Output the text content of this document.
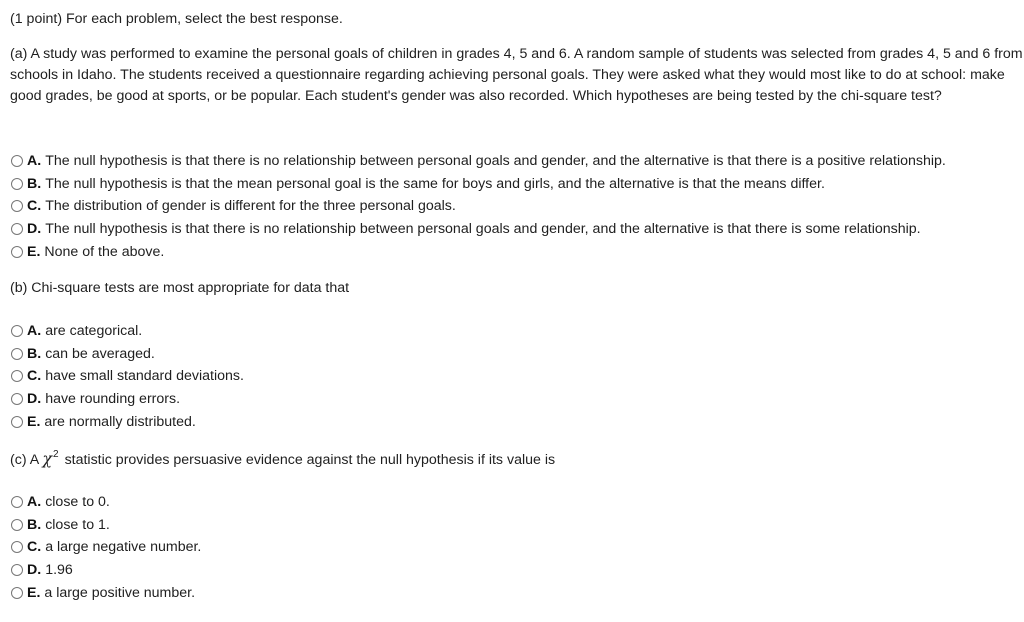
(1 point) For each problem, select the best response.
(a) A study was performed to examine the personal goals of children in grades 4, 5 and 6. A random sample of students was selected from grades 4, 5 and 6 from schools in Idaho. The students received a questionnaire regarding achieving personal goals. They were asked what they would most like to do at school: make good grades, be good at sports, or be popular. Each student's gender was also recorded. Which hypotheses are being tested by the chi-square test?
A. The null hypothesis is that there is no relationship between personal goals and gender, and the alternative is that there is a positive relationship.
B. The null hypothesis is that the mean personal goal is the same for boys and girls, and the alternative is that the means differ.
C. The distribution of gender is different for the three personal goals.
D. The null hypothesis is that there is no relationship between personal goals and gender, and the alternative is that there is some relationship.
E. None of the above.
(b) Chi-square tests are most appropriate for data that
A. are categorical.
B. can be averaged.
C. have small standard deviations.
D. have rounding errors.
E. are normally distributed.
(c) A $\chi^2$ statistic provides persuasive evidence against the null hypothesis if its value is
A. close to 0.
B. close to 1.
C. a large negative number.
D. 1.96
E. a large positive number.
